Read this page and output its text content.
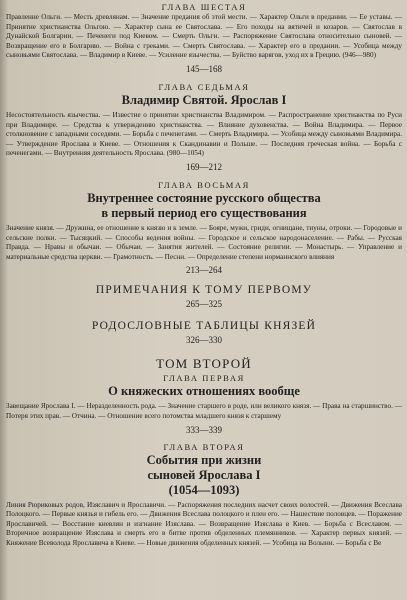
ГЛАВА ШЕСТАЯ

Правление Ольги. — Месть древлянам. — Значение предания об этой мести. — Характер Ольги в предании. — Ее уставы. — Принятие христианства Ольгою. — Характер сына ее Святослава. — Его походы на вятичей и козаров. — Святослав в Дунайской Болгарии. — Печенеги под Киевом. — Смерть Ольги. — Распоряжение Святослава относительно сыновей. — Возвращение его в Болгарию. — Война с греками. — Смерть Святослава. — Характер его в предании. — Усобица между сыновьями Святослава. — Владимир в Киеве. — Усиление язычества. — Буйство варягов, уход их в Грецию. (946—980)

145—168

ГЛАВА СЕДЬМАЯ

Владимир Святой. Ярослав I

Несостоятельность язычества. — Известие о принятии христианства Владимиром. — Распространение христианства по Руси при Владимире. — Средства к утверждению христианства. — Влияние духовенства. — Война Владимира. — Первое столкновение с западными соседями. — Борьба с печенегами. — Смерть Владимира. — Усобица между сыновьями Владимира. — Утверждение Ярослава в Киеве. — Отношения к Скандинавии и Польше. — Последняя греческая война. — Борьба с печенегами. — Внутренняя деятельность Ярослава. (980—1054)

169—212

ГЛАВА ВОСЬМАЯ

Внутреннее состояние русского общества

в первый период его существования

Значение князя. — Дружина, ее отношение к князю и к земле. — Бояре, мужи, гриди, огнищане, тиуны, отроки. — Городовые и сельские полки. — Тысяцкий. — Способы ведения войны. — Городское и сельское народонаселение. — Рабы. — Русская Правда. — Нравы и обычаи. — Обычаи. — Занятия жителей. — Состояние религии. — Монастырь. — Управление и материальные средства церкви. — Грамотность. — Песни. — Определение степени норманнского влияния

213—264

ПРИМЕЧАНИЯ К ТОМУ ПЕРВОМУ

265—325

РОДОСЛОВНЫЕ ТАБЛИЦЫ КНЯЗЕЙ

326—330

ТОМ ВТОРОЙ

ГЛАВА ПЕРВАЯ

О княжеских отношениях вообще

Завещание Ярослава I. — Неразделенность рода. — Значение старшего в роде, или великого князя. — Права на старшинство. — Потеря этих прав. — Отчина. — Отношение всего потомства младшего князя к старшему

333—339

ГЛАВА ВТОРАЯ

События при жизни

сыновей Ярослава I

(1054—1093)

Линия Рюриковых родов, Изяславич и Ярославичи. — Распоряжения последних насчет своих волостей. — Движения Всеслава Полоцкого. — Первые князья и гибель его. — Движения Всеслава полоцкого и плен его. — Нашествие половцев. — Поражение Ярославичей. — Восстание киевлян и изгнание Изяслава. — Возвращение Изяслава в Киев. — Борьба с Всеславом. — Вторичное возвращение Изяслава и смерть его в битве против обделенных племянников. — Характер первых князей. — Княжение Всеволода Ярославича в Киеве. — Новые движения обделенных князей. — Усобица на Волыни. — Борьба с Ве
